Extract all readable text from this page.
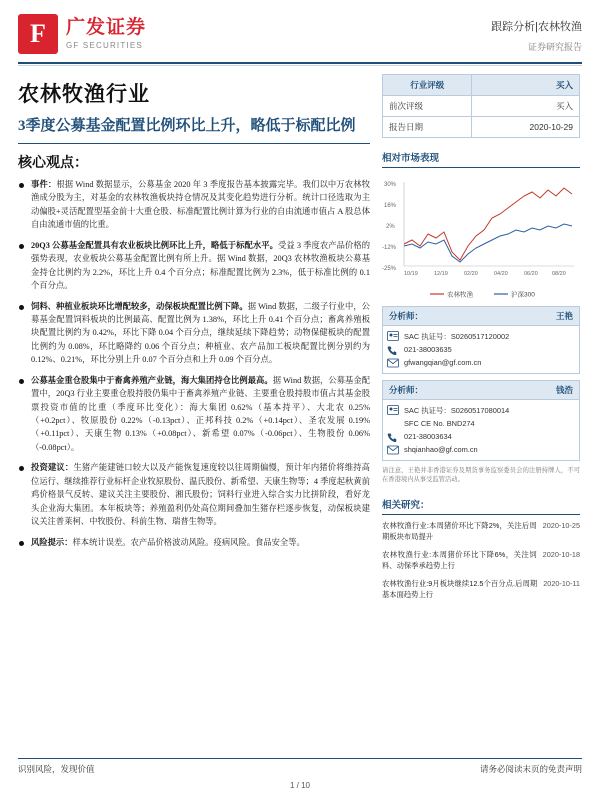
F	广发证券
GF SECURITIES
跟踪分析|农林牧渔
证券研究报告
农林牧渔行业
3季度公募基金配置比例环比上升，略低于标配比例
核心观点：
事件：根据 Wind 数据显示，公募基金 2020 年 3 季度报告基本披露完毕。我们以中万农林牧渔成分股为主，对基金的农林牧渔板块持仓情况及其变化趋势进行分析。统计口径选取为主动偏股+灵活配置型基金前十大重仓股、标准配置比例计算为行业的自由流通市值占 A 股总体自由流通市值的比重。
20Q3 公募基金配置具有农业板块比例环比上升，略低于标配水平。受益 3 季度农产品价格的强势表现，农业板块公募基金配置比例有所上升。据 Wind 数据，20Q3 农林牧渔板块公募基金持仓比例约为 2.2%，环比上升 0.4 个百分点；标准配置比例为 2.3%，低于标准比例的 0.1 个百分点。
饲料、种植业板块环比增配较多，动保板块配置比例下降。据 Wind 数据，二级子行业中，公募基金配置饲料板块的比例最高、配置比例为 1.38%，环比上升 0.41 个百分点；畜禽养殖板块配置比例约为 0.42%，环比下降 0.04 个百分点，继续延续下降趋势；动物保健板块的配置比例约为 0.08%，环比略降约 0.06 个百分点；种植业、农产品加工板块配置比例分别约为 0.12%、0.21%，环比分别上升 0.07 个百分点和上升 0.09 个百分点。
公募基金重仓股集中于畜禽养殖产业链，海大集团持仓比例最高。据 Wind 数据，公募基金配置中，20Q3 行业主要重仓股持股仍集中于畜禽养殖产业链、主要重仓股持股市值占其基金股票投资市值的比重（季度环比变化）：海大集团 0.62%（基本持平）、大北农 0.25%（+0.2pct）、牧原股份 0.22%（-0.13pct）、正邦科技 0.2%（+0.14pct）、圣农发展 0.19%（+0.11pct）、天康生物 0.13%（+0.08pct）、新希望 0.07%（-0.06pct）、生物股份 0.06%（-0.08pct）。
投资建议：生猪产能建链口较大以及产能恢复速度较以往周期偏慢，预计年内猪价将维持高位运行、继续推荐行业标杆企业牧原股份、温氏股份、新希望、天康生物等；4 季度起秋黄前鸡价格景气反转、建议关注主要股份、湘氏股份；饲料行业进入综合实力比拼阶段，看好龙头企业海大集团。本年板块等；养殖盈利仍处高位期间叠加生猪存栏逐步恢复，动保板块建议关注普莱柯、中牧股份、科前生物、瑞普生物等。
风险提示：样本统计误差。农产品价格波动风险。疫病风险。食品安全等。
行业评级	买入
前次评级	买入
报告日期	2020-10-29
相对市场表现
30%
16%
2%
-12%
-25%
10/19	12/19	02/20	04/20	06/20	08/20

农林牧渔	沪深300
分析师：	王艳
SAC 执证号：S0260517120002
021-38003635
gfwangqian@gf.com.cn
分析师：	钱浩
SAC 执证号：S0260517080014
SFC CE No. BND274
021-38003634
shqianhao@gf.com.cn
请注意，王艳并非香港证券及期货事务监察委员会的注册持牌人，不可在香港境内从事受监管活动。
相关研究：
农林牧渔行业:本周猪价环比下降2%，关注后周期板块布局提升
2020-10-25
农林牧渔行业:本周猪价环比下降6%，关注饲料、动保季承趋势上行
2020-10-18
农林牧渔行业:9月板块继续12.5个百分点.后周期基本面趋势上行
2020-10-11
识别风险，发现价值	请务必阅读末页的免责声明
1 / 10
